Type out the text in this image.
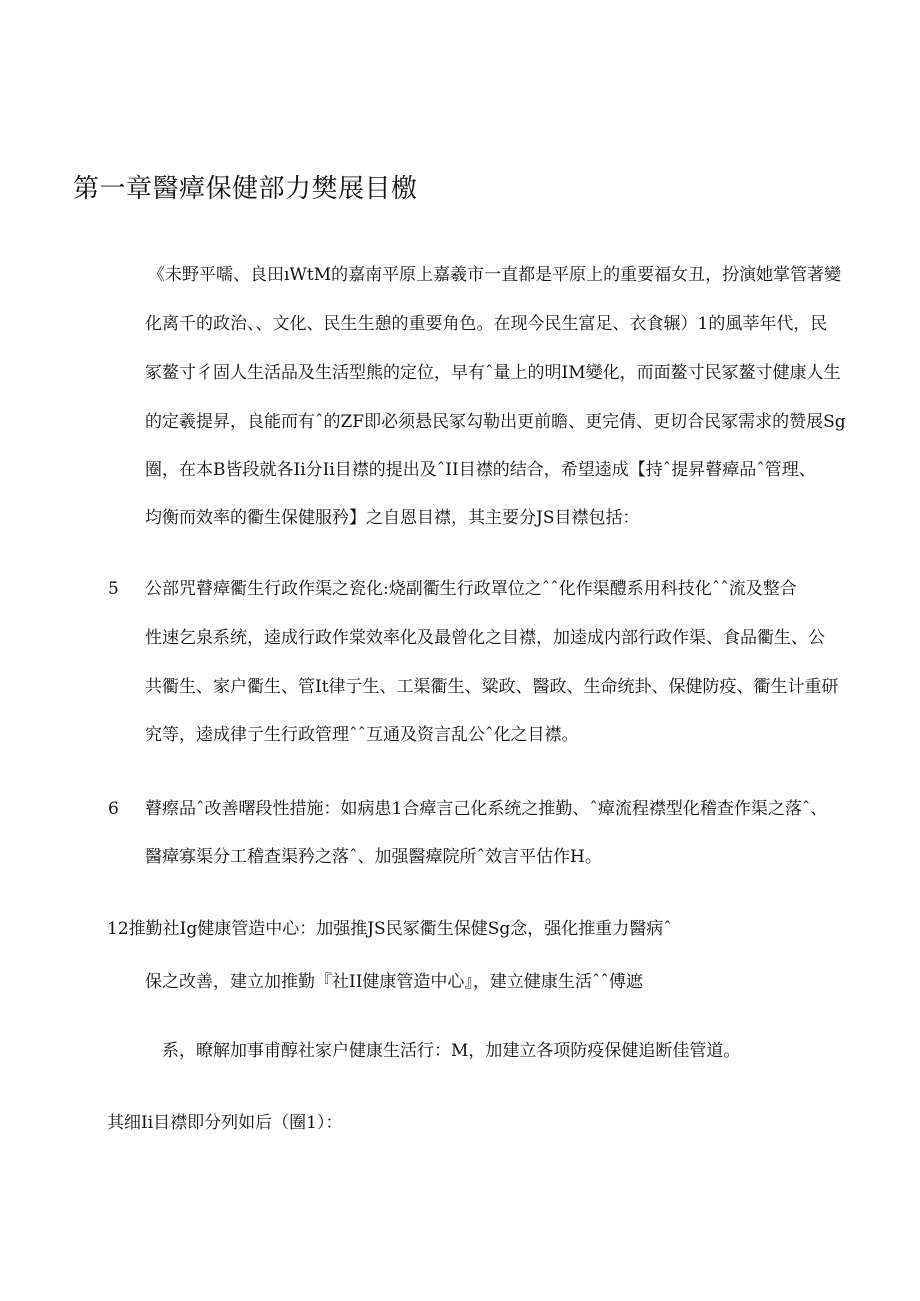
第一章醫瘴保健部力樊展目檄
《未野平嚅、良田ıWtM的嘉南平原上嘉羲市一直都是平原上的重要福女丑，扮演她掌管著變
化离千的政治、、文化、民生生憩的重要角色。在现今民生富足、衣食辗）1的風莘年代，民
冢鳌寸彳固人生活品及生活型熊的定位，早有ˆ量上的明IM變化，而面鳌寸民冢鳌寸健康人生
的定羲提昇，良能而有ˆ的ZF即必须悬民冢勾勒出更前瞻、更完倩、更切合民冢需求的赞展Sg
圈，在本B皆段就各Ii分Ii目襟的提出及ˆII目襟的结合，希望逵成【持ˆ提昇瞽瘴品ˆ管理、
均衡而效率的衢生保健服矜】之自恩目襟，其主要分JS目襟包括：
5 公部咒瞽瘴衢生行政作渠之瓷化:烧副衢生行政罩位之ˆˆ化作渠醴系用科技化ˆˆ流及整合
性速乞泉系统，逵成行政作棠效率化及最曾化之目襟，加逵成内部行政作渠、食品衢生、公
共衢生、家户衢生、管It律亍生、工渠衢生、粱政、醫政、生命统卦、保健防疫、衢生计重研
究等，逵成律亍生行政管理ˆˆ互通及资言乱公ˆ化之目襟。
6 瞽瘵品ˆ改善曙段性措施：如病患1合瘴言己化系统之推勤、ˆ瘴流程襟型化稽查作渠之落ˆ、
醫瘴寡渠分工稽查渠矜之落ˆ、加强醫瘴院所ˆ效言平估作H。
12推勤社Ig健康管造中心：加强推JS民冢衢生保健Sg念，强化推重力醫病ˆ
保之改善，建立加推勤『社II健康管造中心』，建立健康生活ˆˆ傅遮
系，暸解加事甫醇社家户健康生活行：M，加建立各项防疫保健追断佳管道。
其细Ii目襟即分列如后（圈1）：
